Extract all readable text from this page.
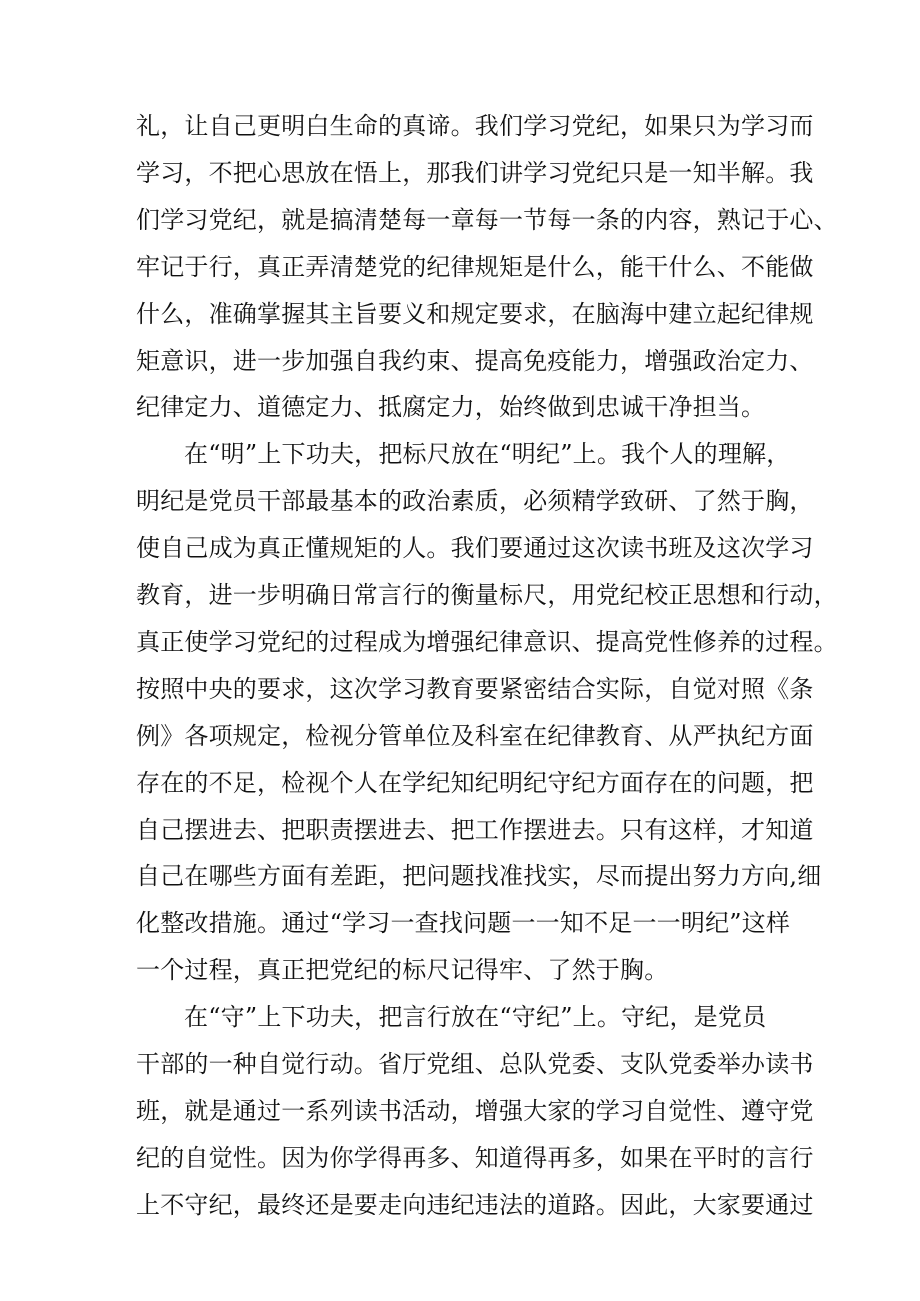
礼，让自己更明白生命的真谛。我们学习党纪，如果只为学习而
学习，不把心思放在悟上，那我们讲学习党纪只是一知半解。我
们学习党纪，就是搞清楚每一章每一节每一条的内容，熟记于心、
牢记于行，真正弄清楚党的纪律规矩是什么，能干什么、不能做
什么，准确掌握其主旨要义和规定要求，在脑海中建立起纪律规
矩意识，进一步加强自我约束、提高免疫能力，增强政治定力、
纪律定力、道德定力、抵腐定力，始终做到忠诚干净担当。
在“明”上下功夫，把标尺放在“明纪”上。我个人的理解，
明纪是党员干部最基本的政治素质，必须精学致研、了然于胸，
使自己成为真正懂规矩的人。我们要通过这次读书班及这次学习
教育，进一步明确日常言行的衡量标尺，用党纪校正思想和行动，
真正使学习党纪的过程成为增强纪律意识、提高党性修养的过程。
按照中央的要求，这次学习教育要紧密结合实际，自觉对照《条
例》各项规定，检视分管单位及科室在纪律教育、从严执纪方面
存在的不足，检视个人在学纪知纪明纪守纪方面存在的问题，把
自己摆进去、把职责摆进去、把工作摆进去。只有这样，才知道
自己在哪些方面有差距，把问题找准找实，尽而提出努力方向,细
化整改措施。通过“学习一查找问题一一知不足一一明纪”这样
一个过程，真正把党纪的标尺记得牢、了然于胸。
在“守”上下功夫，把言行放在“守纪”上。守纪，是党员
干部的一种自觉行动。省厅党组、总队党委、支队党委举办读书
班，就是通过一系列读书活动，增强大家的学习自觉性、遵守党
纪的自觉性。因为你学得再多、知道得再多，如果在平时的言行
上不守纪，最终还是要走向违纪违法的道路。因此，大家要通过
